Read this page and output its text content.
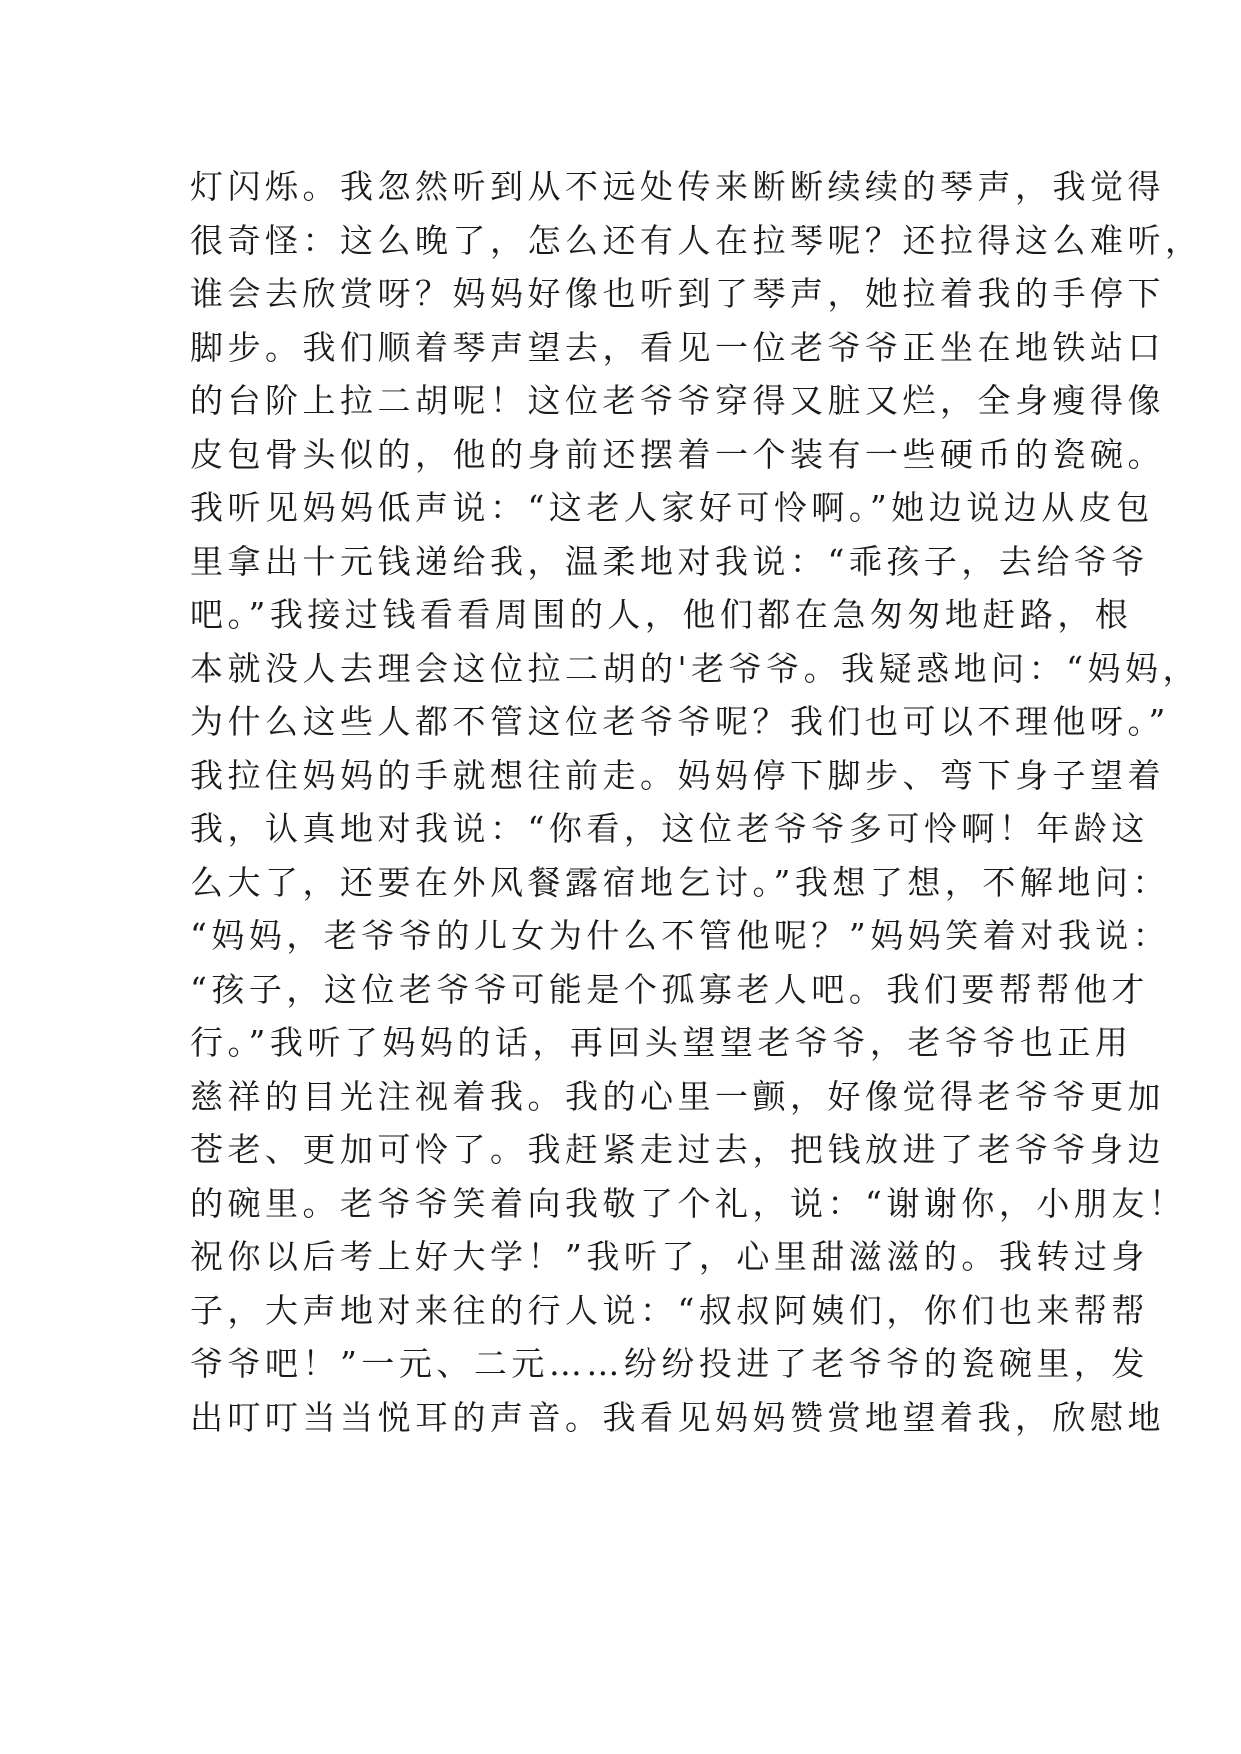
灯闪烁。我忽然听到从不远处传来断断续续的琴声，我觉得
很奇怪：这么晚了，怎么还有人在拉琴呢？还拉得这么难听，
谁会去欣赏呀？妈妈好像也听到了琴声，她拉着我的手停下
脚步。我们顺着琴声望去，看见一位老爷爷正坐在地铁站口
的台阶上拉二胡呢！这位老爷爷穿得又脏又烂，全身瘦得像
皮包骨头似的，他的身前还摆着一个装有一些硬币的瓷碗。
我听见妈妈低声说：“这老人家好可怜啊。”她边说边从皮包
里拿出十元钱递给我，温柔地对我说：“乖孩子，去给爷爷
吧。”我接过钱看看周围的人，他们都在急匆匆地赶路，根
本就没人去理会这位拉二胡的'老爷爷。我疑惑地问：“妈妈，
为什么这些人都不管这位老爷爷呢？我们也可以不理他呀。”
我拉住妈妈的手就想往前走。妈妈停下脚步、弯下身子望着
我，认真地对我说：“你看，这位老爷爷多可怜啊！年龄这
么大了，还要在外风餐露宿地乞讨。”我想了想，不解地问：
“妈妈，老爷爷的儿女为什么不管他呢？”妈妈笑着对我说：
“孩子，这位老爷爷可能是个孤寡老人吧。我们要帮帮他才
行。”我听了妈妈的话，再回头望望老爷爷，老爷爷也正用
慈祥的目光注视着我。我的心里一颤，好像觉得老爷爷更加
苍老、更加可怜了。我赶紧走过去，把钱放进了老爷爷身边
的碗里。老爷爷笑着向我敬了个礼，说：“谢谢你，小朋友！
祝你以后考上好大学！”我听了，心里甜滋滋的。我转过身
子，大声地对来往的行人说：“叔叔阿姨们，你们也来帮帮
爷爷吧！”一元、二元……纷纷投进了老爷爷的瓷碗里，发
出叮叮当当悦耳的声音。我看见妈妈赞赏地望着我，欣慰地
